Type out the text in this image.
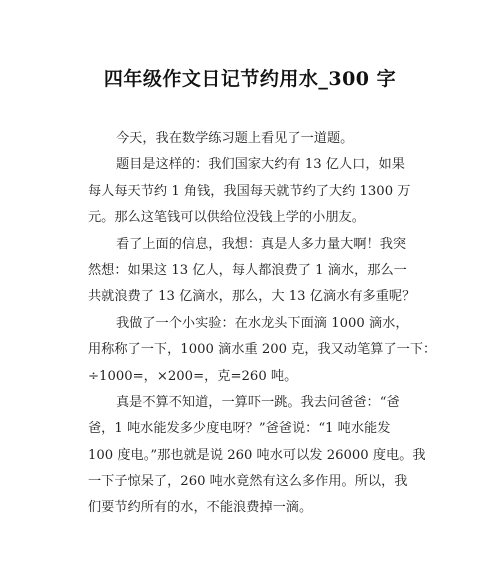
四年级作文日记节约用水_300 字
今天，我在数学练习题上看见了一道题。
题目是这样的：我们国家大约有 13 亿人口，如果
每人每天节约 1 角钱，我国每天就节约了大约 1300 万
元。那么这笔钱可以供给位没钱上学的小朋友。
看了上面的信息，我想：真是人多力量大啊！我突
然想：如果这 13 亿人，每人都浪费了 1 滴水，那么一
共就浪费了 13 亿滴水，那么，大 13 亿滴水有多重呢？
我做了一个小实验：在水龙头下面滴 1000 滴水，
用称称了一下，1000 滴水重 200 克，我又动笔算了一下：
÷1000=，×200=，克=260 吨。
真是不算不知道，一算吓一跳。我去问爸爸：“爸
爸，1 吨水能发多少度电呀？”爸爸说：“1 吨水能发
100 度电。”那也就是说 260 吨水可以发 26000 度电。我
一下子惊呆了，260 吨水竟然有这么多作用。所以，我
们要节约所有的水，不能浪费掉一滴。
